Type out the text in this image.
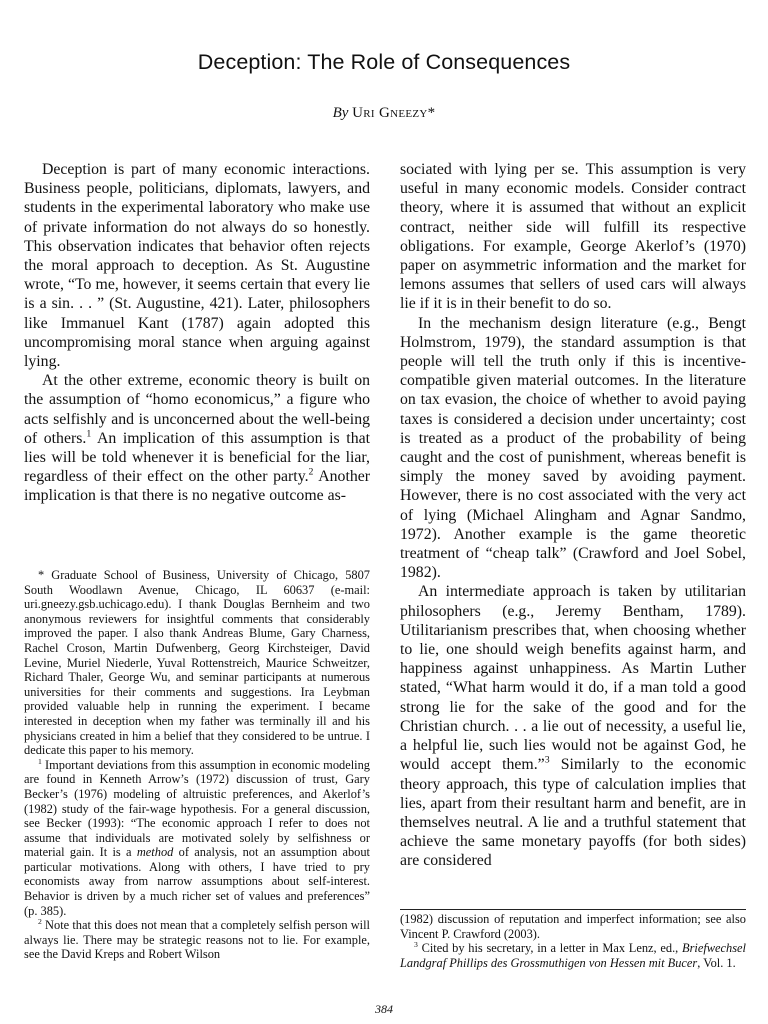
Deception: The Role of Consequences
By Uri Gneezy*

Deception is part of many economic interactions. Business people, politicians, diplomats, lawyers, and students in the experimental laboratory who make use of private information do not always do so honestly. This observation indicates that behavior often rejects the moral approach to deception. As St. Augustine wrote, “To me, however, it seems certain that every lie is a sin. . . ” (St. Augustine, 421). Later, philosophers like Immanuel Kant (1787) again adopted this uncompromising moral stance when arguing against lying.

At the other extreme, economic theory is built on the assumption of “homo economicus,” a figure who acts selfishly and is unconcerned about the well-being of others.$^1$ An implication of this assumption is that lies will be told whenever it is beneficial for the liar, regardless of their effect on the other party.$^2$ Another implication is that there is no negative outcome as-

sociated with lying per se. This assumption is very useful in many economic models. Consider contract theory, where it is assumed that without an explicit contract, neither side will fulfill its respective obligations. For example, George Akerlof’s (1970) paper on asymmetric information and the market for lemons assumes that sellers of used cars will always lie if it is in their benefit to do so.

In the mechanism design literature (e.g., Bengt Holmstrom, 1979), the standard assumption is that people will tell the truth only if this is incentive-compatible given material outcomes. In the literature on tax evasion, the choice of whether to avoid paying taxes is considered a decision under uncertainty; cost is treated as a product of the probability of being caught and the cost of punishment, whereas benefit is simply the money saved by avoiding payment. However, there is no cost associated with the very act of lying (Michael Alingham and Agnar Sandmo, 1972). Another example is the game theoretic treatment of “cheap talk” (Crawford and Joel Sobel, 1982).

An intermediate approach is taken by utilitarian philosophers (e.g., Jeremy Bentham, 1789). Utilitarianism prescribes that, when choosing whether to lie, one should weigh benefits against harm, and happiness against unhappiness. As Martin Luther stated, “What harm would it do, if a man told a good strong lie for the sake of the good and for the Christian church. . . a lie out of necessity, a useful lie, a helpful lie, such lies would not be against God, he would accept them.”$^3$ Similarly to the economic theory approach, this type of calculation implies that lies, apart from their resultant harm and benefit, are in themselves neutral. A lie and a truthful statement that achieve the same monetary payoffs (for both sides) are considered

* Graduate School of Business, University of Chicago, 5807 South Woodlawn Avenue, Chicago, IL 60637 (e-mail: uri.gneezy.gsb.uchicago.edu). I thank Douglas Bernheim and two anonymous reviewers for insightful comments that considerably improved the paper. I also thank Andreas Blume, Gary Charness, Rachel Croson, Martin Dufwenberg, Georg Kirchsteiger, David Levine, Muriel Niederle, Yuval Rottenstreich, Maurice Schweitzer, Richard Thaler, George Wu, and seminar participants at numerous universities for their comments and suggestions. Ira Leybman provided valuable help in running the experiment. I became interested in deception when my father was terminally ill and his physicians created in him a belief that they considered to be untrue. I dedicate this paper to his memory.

$^1$ Important deviations from this assumption in economic modeling are found in Kenneth Arrow’s (1972) discussion of trust, Gary Becker’s (1976) modeling of altruistic preferences, and Akerlof’s (1982) study of the fair-wage hypothesis. For a general discussion, see Becker (1993): “The economic approach I refer to does not assume that individuals are motivated solely by selfishness or material gain. It is a method of analysis, not an assumption about particular motivations. Along with others, I have tried to pry economists away from narrow assumptions about self-interest. Behavior is driven by a much richer set of values and preferences” (p. 385).

$^2$ Note that this does not mean that a completely selfish person will always lie. There may be strategic reasons not to lie. For example, see the David Kreps and Robert Wilson

(1982) discussion of reputation and imperfect information; see also Vincent P. Crawford (2003).

$^3$ Cited by his secretary, in a letter in Max Lenz, ed., Briefwechsel Landgraf Phillips des Grossmuthigen von Hessen mit Bucer, Vol. 1.

384
